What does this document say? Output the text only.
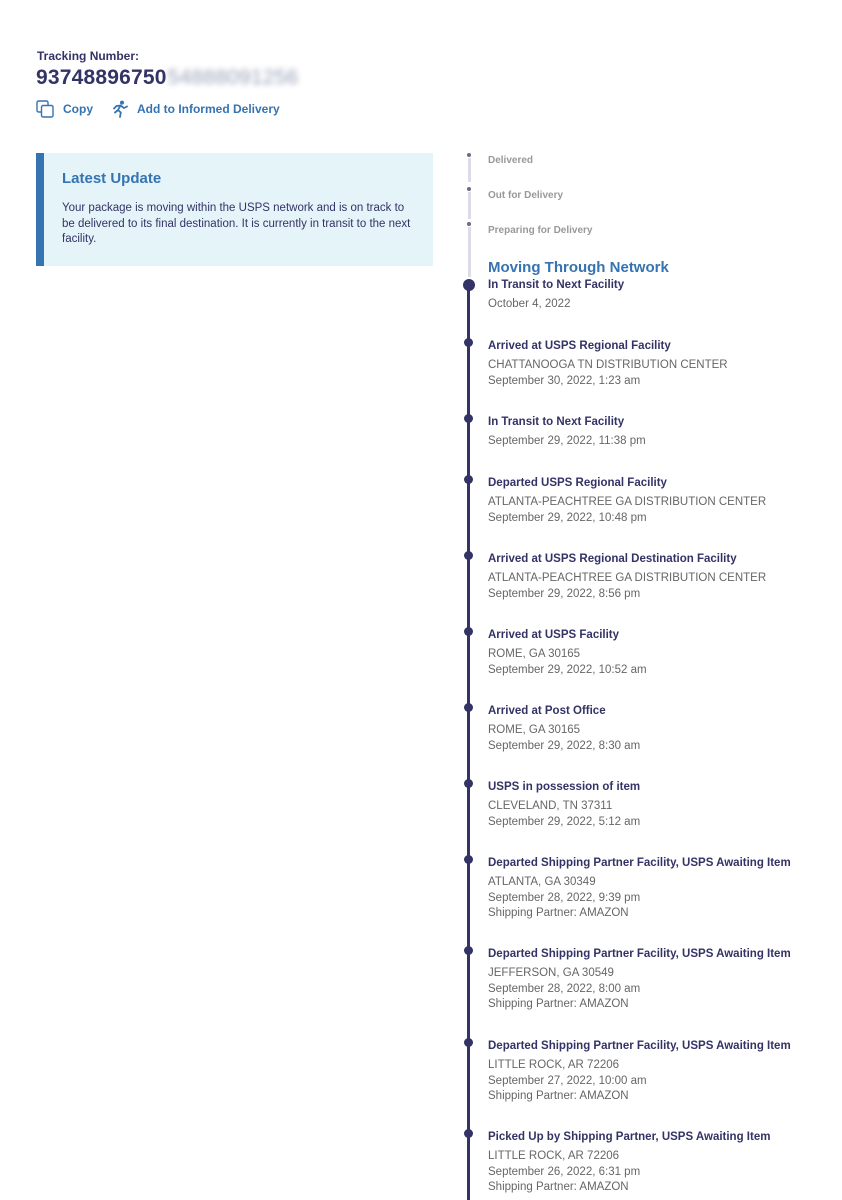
Tracking Number:
93748896750 54888091256
Copy	Add to Informed Delivery
Latest Update
Your package is moving within the USPS network and is on track to be delivered to its final destination. It is currently in transit to the next facility.
Delivered
Out for Delivery
Preparing for Delivery
Moving Through Network
In Transit to Next Facility
October 4, 2022
Arrived at USPS Regional Facility
CHATTANOOGA TN DISTRIBUTION CENTER
September 30, 2022, 1:23 am
In Transit to Next Facility
September 29, 2022, 11:38 pm
Departed USPS Regional Facility
ATLANTA-PEACHTREE GA DISTRIBUTION CENTER
September 29, 2022, 10:48 pm
Arrived at USPS Regional Destination Facility
ATLANTA-PEACHTREE GA DISTRIBUTION CENTER
September 29, 2022, 8:56 pm
Arrived at USPS Facility
ROME, GA 30165
September 29, 2022, 10:52 am
Arrived at Post Office
ROME, GA 30165
September 29, 2022, 8:30 am
USPS in possession of item
CLEVELAND, TN 37311
September 29, 2022, 5:12 am
Departed Shipping Partner Facility, USPS Awaiting Item
ATLANTA, GA 30349
September 28, 2022, 9:39 pm
Shipping Partner: AMAZON
Departed Shipping Partner Facility, USPS Awaiting Item
JEFFERSON, GA 30549
September 28, 2022, 8:00 am
Shipping Partner: AMAZON
Departed Shipping Partner Facility, USPS Awaiting Item
LITTLE ROCK, AR 72206
September 27, 2022, 10:00 am
Shipping Partner: AMAZON
Picked Up by Shipping Partner, USPS Awaiting Item
LITTLE ROCK, AR 72206
September 26, 2022, 6:31 pm
Shipping Partner: AMAZON
